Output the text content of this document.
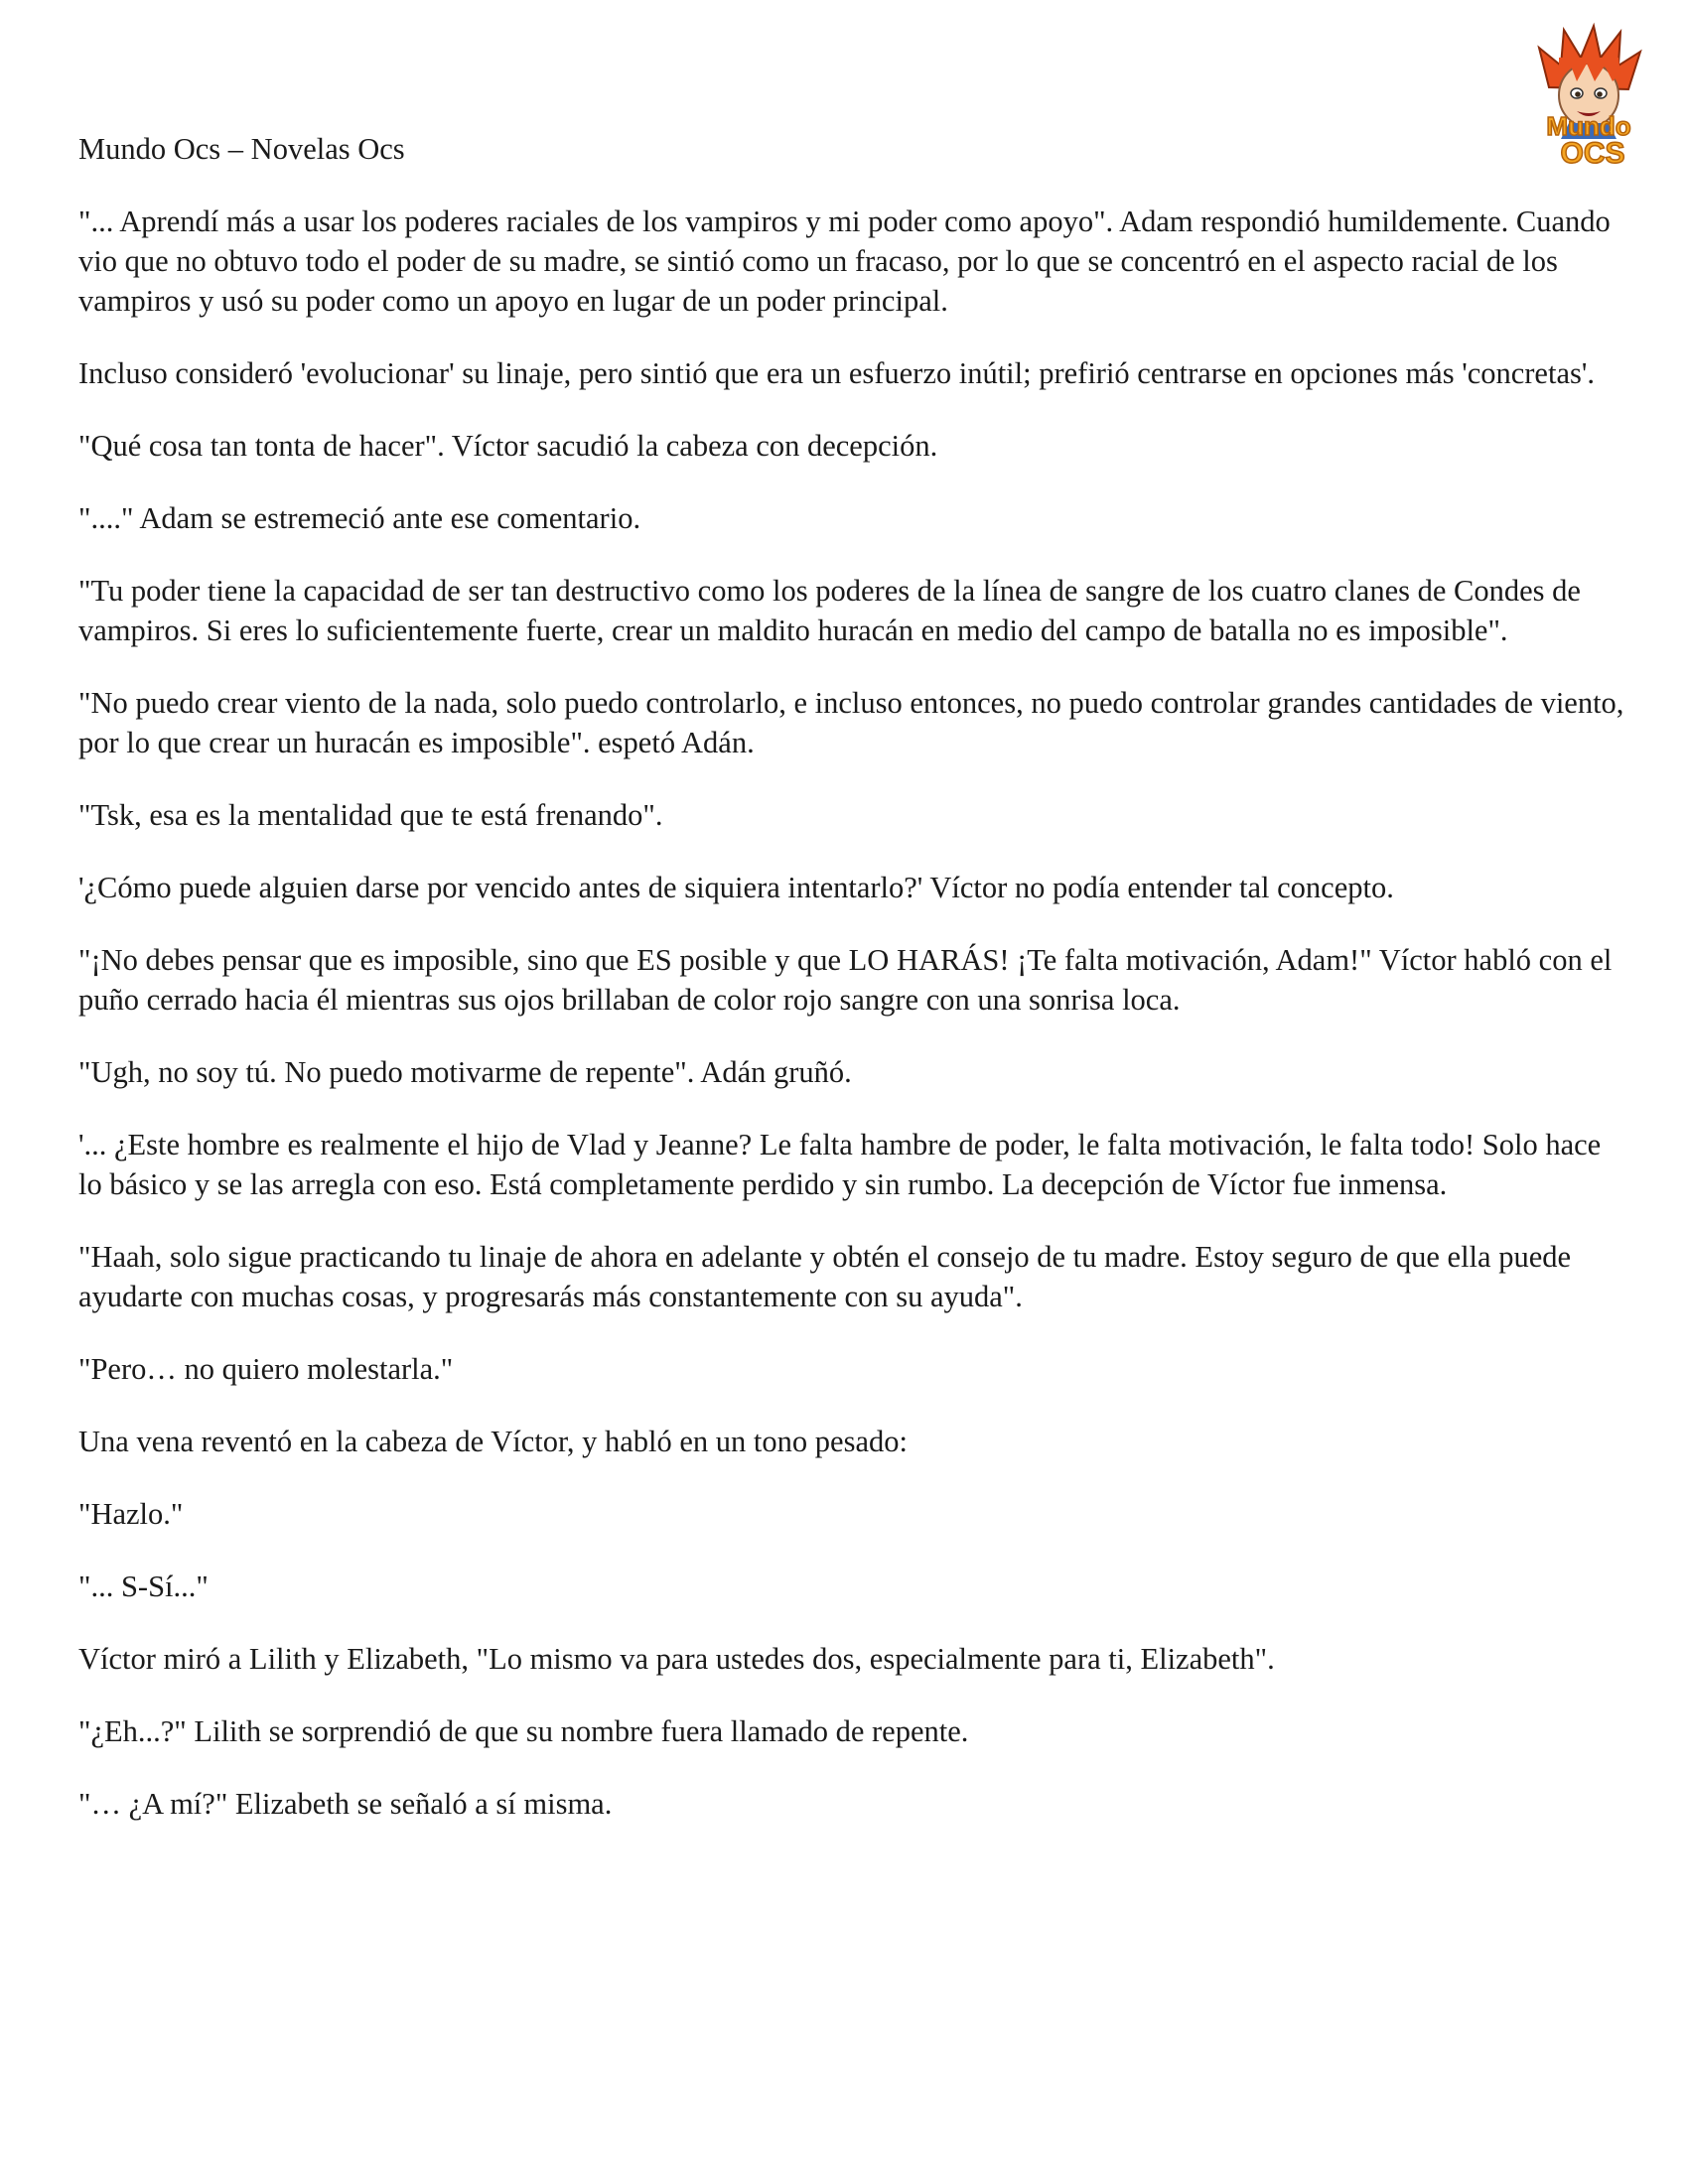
Mundo
OCS

Mundo Ocs – Novelas Ocs

"... Aprendí más a usar los poderes raciales de los vampiros y mi poder como apoyo". Adam respondió humildemente. Cuando vio que no obtuvo todo el poder de su madre, se sintió como un fracaso, por lo que se concentró en el aspecto racial de los vampiros y usó su poder como un apoyo en lugar de un poder principal.

Incluso consideró 'evolucionar' su linaje, pero sintió que era un esfuerzo inútil; prefirió centrarse en opciones más 'concretas'.

"Qué cosa tan tonta de hacer". Víctor sacudió la cabeza con decepción.

"...." Adam se estremeció ante ese comentario.

"Tu poder tiene la capacidad de ser tan destructivo como los poderes de la línea de sangre de los cuatro clanes de Condes de vampiros. Si eres lo suficientemente fuerte, crear un maldito huracán en medio del campo de batalla no es imposible".

"No puedo crear viento de la nada, solo puedo controlarlo, e incluso entonces, no puedo controlar grandes cantidades de viento, por lo que crear un huracán es imposible". espetó Adán.

"Tsk, esa es la mentalidad que te está frenando".

'¿Cómo puede alguien darse por vencido antes de siquiera intentarlo?' Víctor no podía entender tal concepto.

"¡No debes pensar que es imposible, sino que ES posible y que LO HARÁS! ¡Te falta motivación, Adam!" Víctor habló con el puño cerrado hacia él mientras sus ojos brillaban de color rojo sangre con una sonrisa loca.

"Ugh, no soy tú. No puedo motivarme de repente". Adán gruñó.

'... ¿Este hombre es realmente el hijo de Vlad y Jeanne? Le falta hambre de poder, le falta motivación, le falta todo! Solo hace lo básico y se las arregla con eso. Está completamente perdido y sin rumbo. La decepción de Víctor fue inmensa.

"Haah, solo sigue practicando tu linaje de ahora en adelante y obtén el consejo de tu madre. Estoy seguro de que ella puede ayudarte con muchas cosas, y progresarás más constantemente con su ayuda".

"Pero… no quiero molestarla."

Una vena reventó en la cabeza de Víctor, y habló en un tono pesado:

"Hazlo."

"... S-Sí..."

Víctor miró a Lilith y Elizabeth, "Lo mismo va para ustedes dos, especialmente para ti, Elizabeth".

"¿Eh...?" Lilith se sorprendió de que su nombre fuera llamado de repente.

"… ¿A mí?" Elizabeth se señaló a sí misma.
